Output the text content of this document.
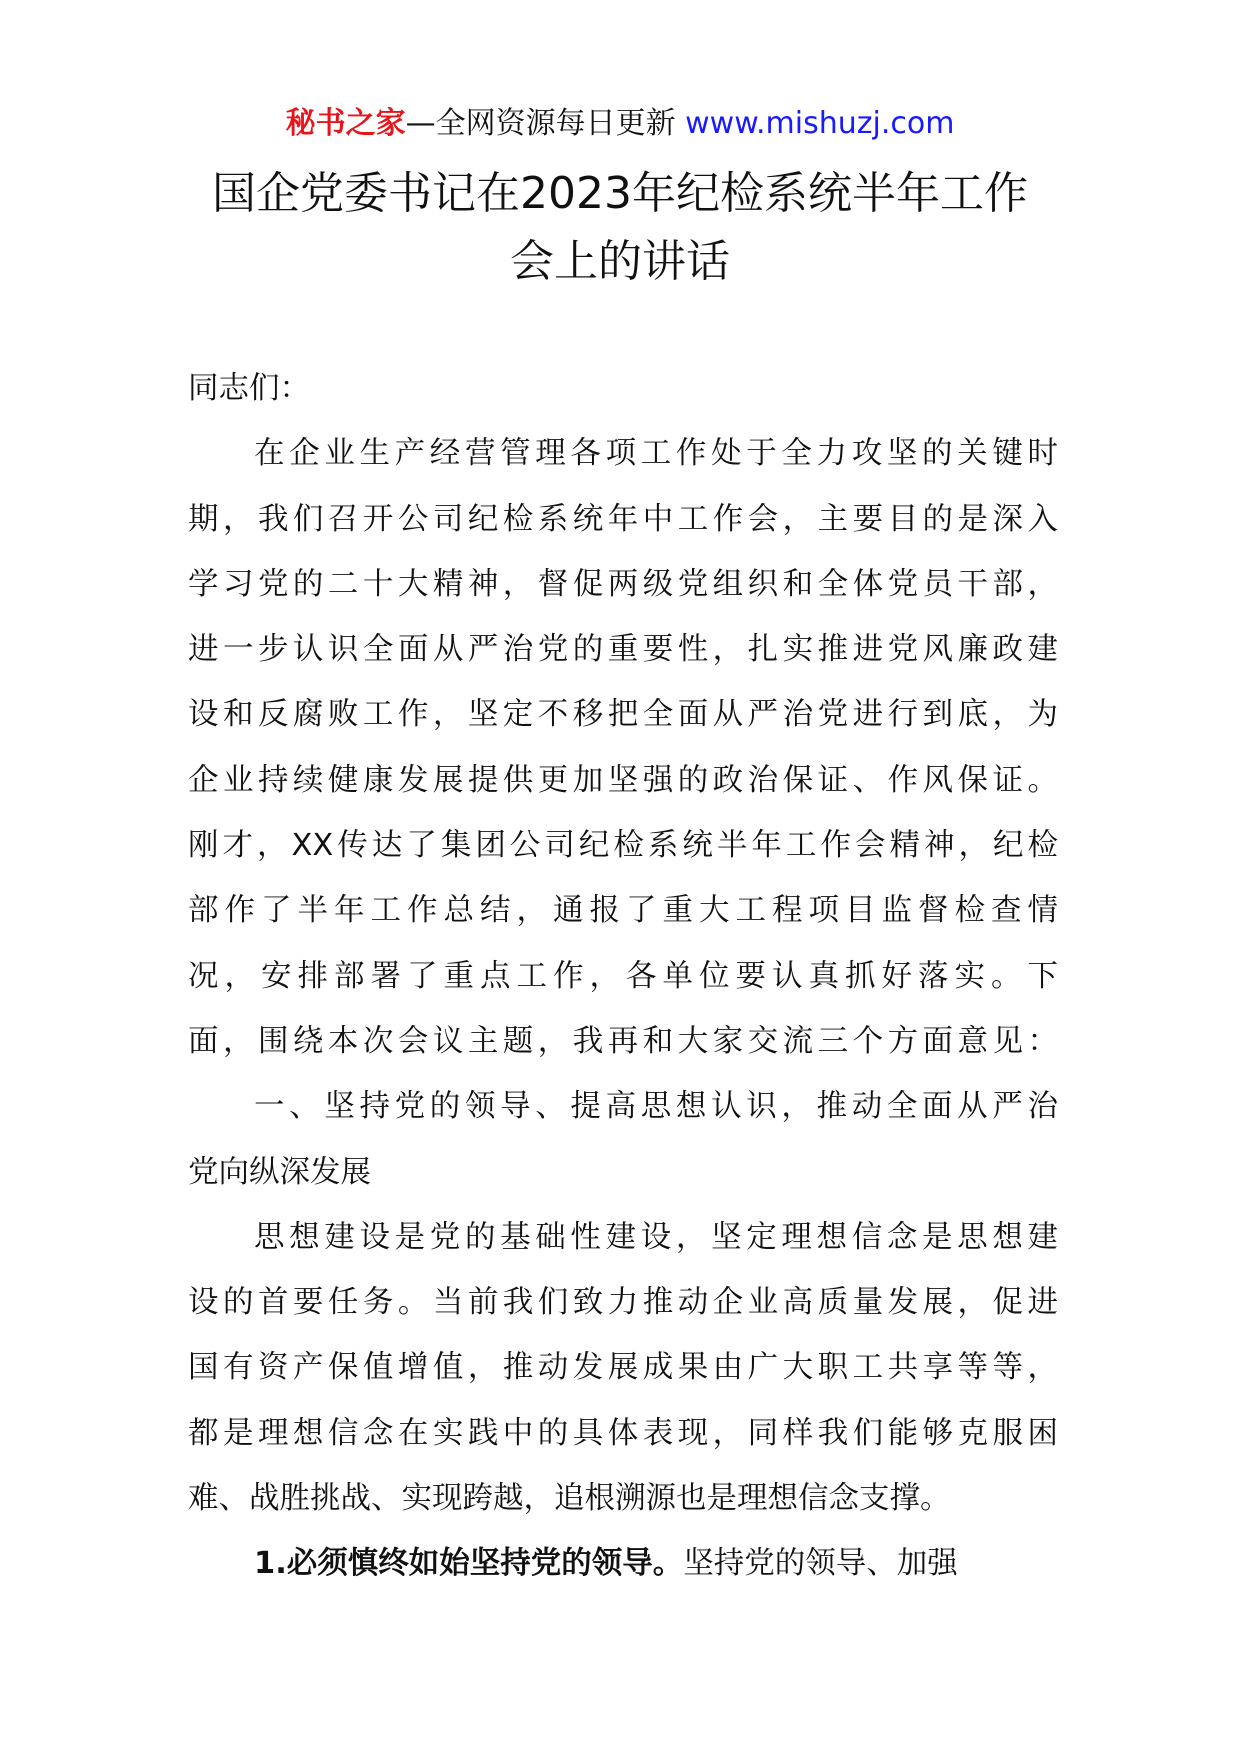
秘书之家—全网资源每日更新 www.mishuzj.com
国企党委书记在2023年纪检系统半年工作
会上的讲话
同志们：
在企业生产经营管理各项工作处于全力攻坚的关键时
期，我们召开公司纪检系统年中工作会，主要目的是深入
学习党的二十大精神，督促两级党组织和全体党员干部，
进一步认识全面从严治党的重要性，扎实推进党风廉政建
设和反腐败工作，坚定不移把全面从严治党进行到底，为
企业持续健康发展提供更加坚强的政治保证、作风保证。
刚才，XX传达了集团公司纪检系统半年工作会精神，纪检
部作了半年工作总结，通报了重大工程项目监督检查情
况，安排部署了重点工作，各单位要认真抓好落实。下
面，围绕本次会议主题，我再和大家交流三个方面意见：
一、坚持党的领导、提高思想认识，推动全面从严治
党向纵深发展
思想建设是党的基础性建设，坚定理想信念是思想建
设的首要任务。当前我们致力推动企业高质量发展，促进
国有资产保值增值，推动发展成果由广大职工共享等等，
都是理想信念在实践中的具体表现，同样我们能够克服困
难、战胜挑战、实现跨越，追根溯源也是理想信念支撑。
1.必须慎终如始坚持党的领导。坚持党的领导、加强
